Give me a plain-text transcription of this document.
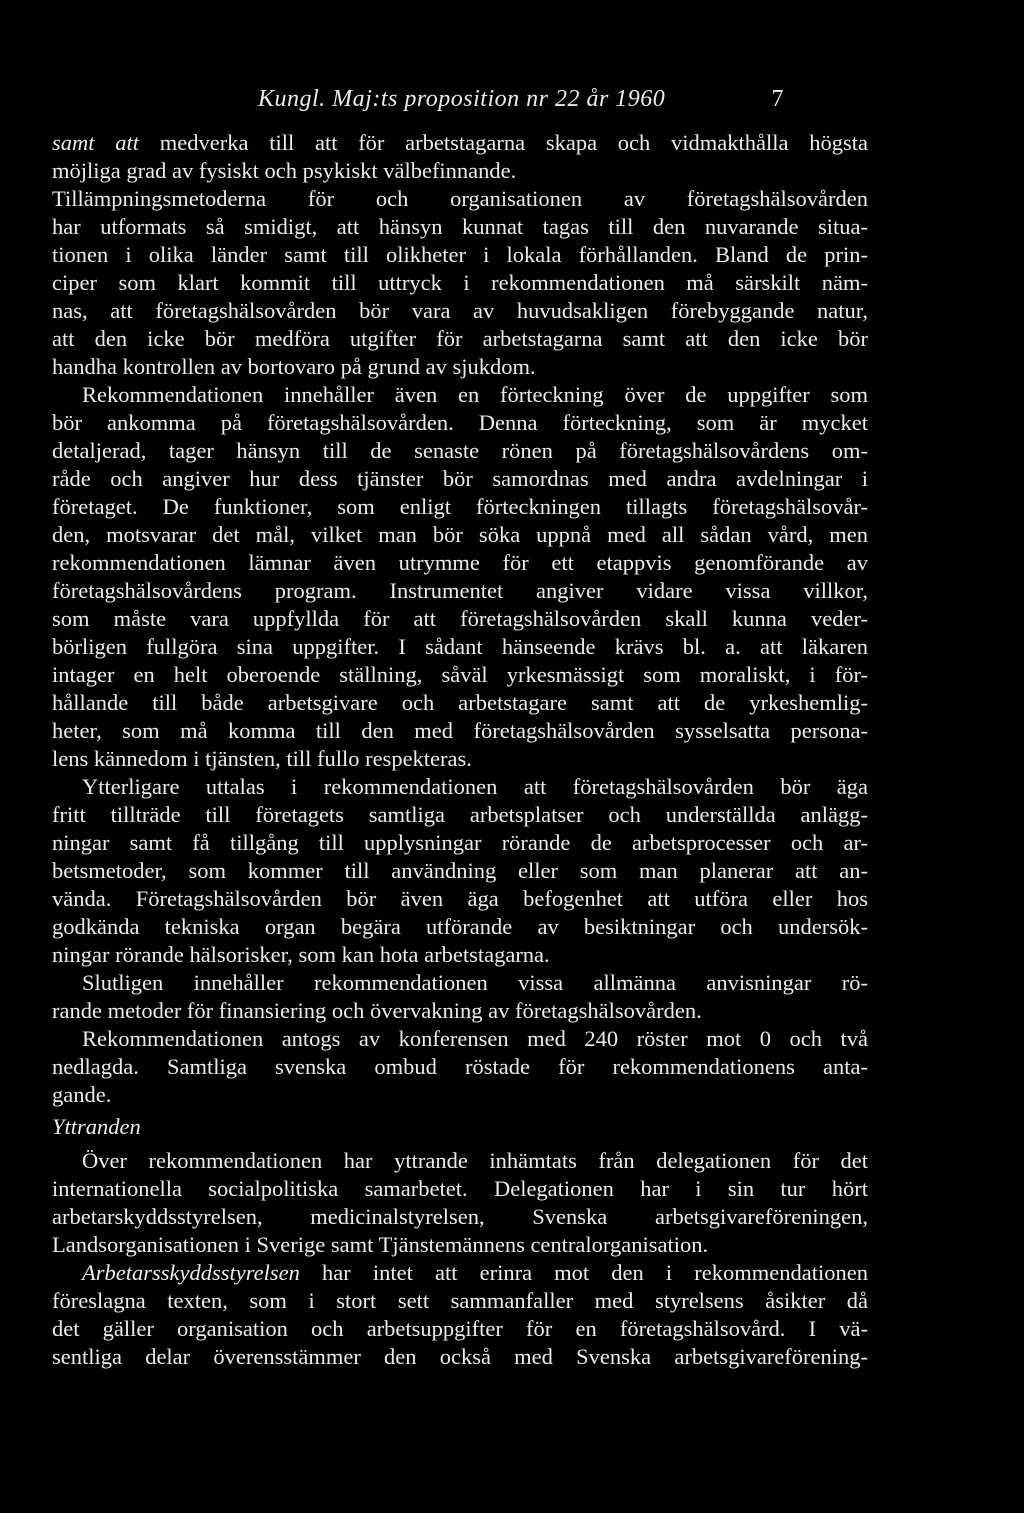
Kungl. Maj:ts proposition nr 22 år 1960	7
samt att medverka till att för arbetstagarna skapa och vidmakthålla högsta
möjliga grad av fysiskt och psykiskt välbefinnande.
Tillämpningsmetoderna för och organisationen av företagshälsovården
har utformats så smidigt, att hänsyn kunnat tagas till den nuvarande situa-
tionen i olika länder samt till olikheter i lokala förhållanden. Bland de prin-
ciper som klart kommit till uttryck i rekommendationen må särskilt näm-
nas, att företagshälsovården bör vara av huvudsakligen förebyggande natur,
att den icke bör medföra utgifter för arbetstagarna samt att den icke bör
handha kontrollen av bortovaro på grund av sjukdom.
Rekommendationen innehåller även en förteckning över de uppgifter som
bör ankomma på företagshälsovården. Denna förteckning, som är mycket
detaljerad, tager hänsyn till de senaste rönen på företagshälsovårdens om-
råde och angiver hur dess tjänster bör samordnas med andra avdelningar i
företaget. De funktioner, som enligt förteckningen tillagts företagshälsovår-
den, motsvarar det mål, vilket man bör söka uppnå med all sådan vård, men
rekommendationen lämnar även utrymme för ett etappvis genomförande av
företagshälsovårdens program. Instrumentet angiver vidare vissa villkor,
som måste vara uppfyllda för att företagshälsovården skall kunna veder-
börligen fullgöra sina uppgifter. I sådant hänseende krävs bl. a. att läkaren
intager en helt oberoende ställning, såväl yrkesmässigt som moraliskt, i för-
hållande till både arbetsgivare och arbetstagare samt att de yrkeshemlig-
heter, som må komma till den med företagshälsovården sysselsatta persona-
lens kännedom i tjänsten, till fullo respekteras.
Ytterligare uttalas i rekommendationen att företagshälsovården bör äga
fritt tillträde till företagets samtliga arbetsplatser och underställda anlägg-
ningar samt få tillgång till upplysningar rörande de arbetsprocesser och ar-
betsmetoder, som kommer till användning eller som man planerar att an-
vända. Företagshälsovården bör även äga befogenhet att utföra eller hos
godkända tekniska organ begära utförande av besiktningar och undersök-
ningar rörande hälsorisker, som kan hota arbetstagarna.
Slutligen innehåller rekommendationen vissa allmänna anvisningar rö-
rande metoder för finansiering och övervakning av företagshälsovården.
Rekommendationen antogs av konferensen med 240 röster mot 0 och två
nedlagda. Samtliga svenska ombud röstade för rekommendationens anta-
gande.
Yttranden
Över rekommendationen har yttrande inhämtats från delegationen för det
internationella socialpolitiska samarbetet. Delegationen har i sin tur hört
arbetarskyddsstyrelsen, medicinalstyrelsen, Svenska arbetsgivareföreningen,
Landsorganisationen i Sverige samt Tjänstemännens centralorganisation.
Arbetarsskyddsstyrelsen har intet att erinra mot den i rekommendationen
föreslagna texten, som i stort sett sammanfaller med styrelsens åsikter då
det gäller organisation och arbetsuppgifter för en företagshälsovård. I vä-
sentliga delar överensstämmer den också med Svenska arbetsgivareförening-
